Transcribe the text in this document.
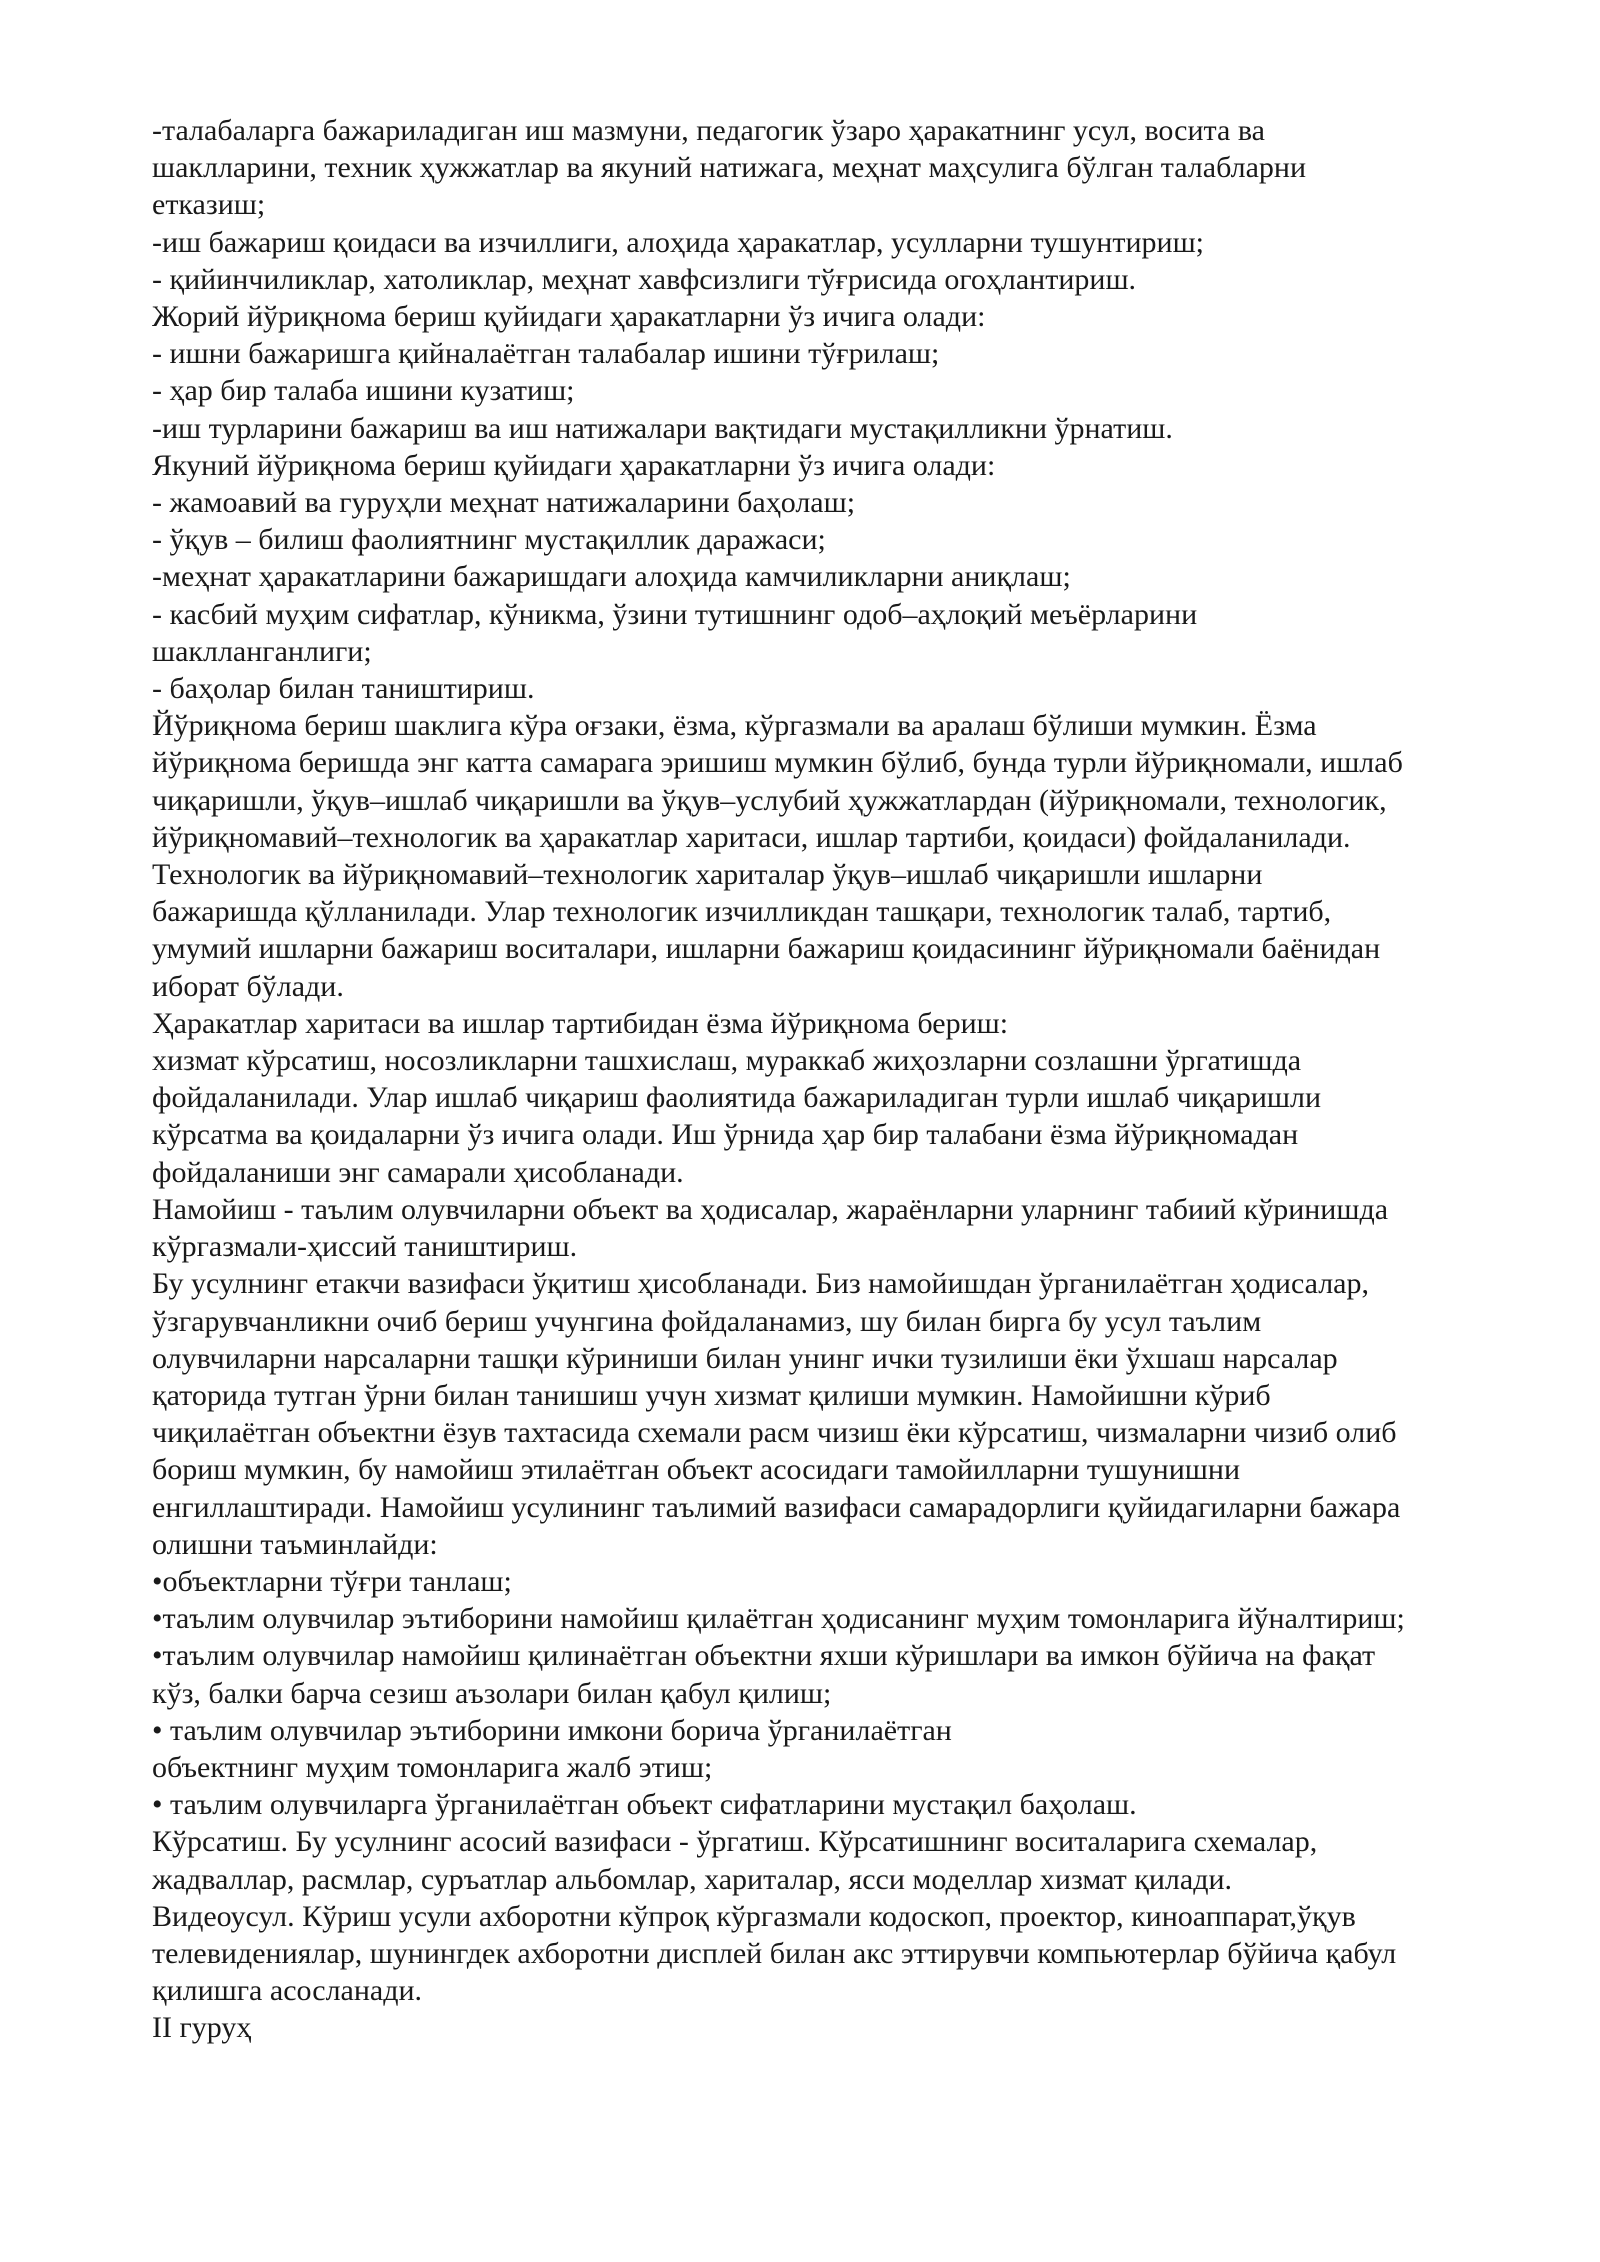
-талабаларга бажариладиган иш мазмуни, педагогик ўзаро ҳаракатнинг усул, восита ва
шаклларини, техник ҳужжатлар ва якуний натижага, меҳнат маҳсулига бўлган талабларни
етказиш;
-иш бажариш қоидаси ва изчиллиги, алоҳида ҳаракатлар, усулларни тушунтириш;
- қийинчиликлар, хатоликлар, меҳнат хавфсизлиги тўғрисида огоҳлантириш.
Жорий йўриқнома бериш қуйидаги ҳаракатларни ўз ичига олади:
- ишни бажаришга қийналаётган талабалар ишини тўғрилаш;
- ҳар бир талаба ишини кузатиш;
-иш турларини бажариш ва иш натижалари вақтидаги мустақилликни ўрнатиш.
Якуний йўриқнома бериш қуйидаги ҳаракатларни ўз ичига олади:
- жамоавий ва гуруҳли меҳнат натижаларини баҳолаш;
- ўқув – билиш фаолиятнинг мустақиллик даражаси;
-меҳнат ҳаракатларини бажаришдаги алоҳида камчиликларни аниқлаш;
- касбий муҳим сифатлар, кўникма, ўзини тутишнинг одоб–аҳлоқий меъёрларини
шаклланганлиги;
- баҳолар билан таништириш.
Йўриқнома бериш шаклига кўра оғзаки, ёзма, кўргазмали ва аралаш бўлиши мумкин. Ёзма
йўриқнома беришда энг катта самарага эришиш мумкин бўлиб, бунда турли йўриқномали, ишлаб
чиқаришли, ўқув–ишлаб чиқаришли ва ўқув–услубий ҳужжатлардан (йўриқномали, технологик,
йўриқномавий–технологик ва ҳаракатлар харитаси, ишлар тартиби, қоидаси) фойдаланилади.
Технологик ва йўриқномавий–технологик хариталар ўқув–ишлаб чиқаришли ишларни
бажаришда қўлланилади. Улар технологик изчилликдан ташқари, технологик талаб, тартиб,
умумий ишларни бажариш воситалари, ишларни бажариш қоидасининг йўриқномали баёнидан
иборат бўлади.
Ҳаракатлар харитаси ва ишлар тартибидан ёзма йўриқнома бериш:
хизмат кўрсатиш, носозликларни ташхислаш, мураккаб жиҳозларни созлашни ўргатишда
фойдаланилади. Улар ишлаб чиқариш фаолиятида бажариладиган турли ишлаб чиқаришли
кўрсатма ва қоидаларни ўз ичига олади. Иш ўрнида ҳар бир талабани ёзма йўриқномадан
фойдаланиши энг самарали ҳисобланади.
Намойиш - таълим олувчиларни объект ва ҳодисалар, жараёнларни уларнинг табиий кўринишда
кўргазмали-ҳиссий таништириш.
Бу усулнинг етакчи вазифаси ўқитиш ҳисобланади. Биз намойишдан ўрганилаётган ҳодисалар,
ўзгарувчанликни очиб бериш учунгина фойдаланамиз, шу билан бирга бу усул таълим
олувчиларни нарсаларни ташқи кўриниши билан унинг ички тузилиши ёки ўхшаш нарсалар
қаторида тутган ўрни билан танишиш учун хизмат қилиши мумкин. Намойишни кўриб
чиқилаётган объектни ёзув тахтасида схемали расм чизиш ёки кўрсатиш, чизмаларни чизиб олиб
бориш мумкин, бу намойиш этилаётган объект асосидаги тамойилларни тушунишни
енгиллаштиради. Намойиш усулининг таълимий вазифаси самарадорлиги қуйидагиларни бажара
олишни таъминлайди:
•объектларни тўғри танлаш;
•таълим олувчилар эътиборини намойиш қилаётган ҳодисанинг муҳим томонларига йўналтириш;
•таълим олувчилар намойиш қилинаётган объектни яхши кўришлари ва имкон бўйича на фақат
кўз, балки барча сезиш аъзолари билан қабул қилиш;
• таълим олувчилар эътиборини имкони борича ўрганилаётган
объектнинг муҳим томонларига жалб этиш;
• таълим олувчиларга ўрганилаётган объект сифатларини мустақил баҳолаш.
Кўрсатиш. Бу усулнинг асосий вазифаси - ўргатиш. Кўрсатишнинг воситаларига схемалар,
жадваллар, расмлар, суръатлар альбомлар, хариталар, ясси моделлар хизмат қилади.
Видеоусул. Кўриш усули ахборотни кўпроқ кўргазмали кодоскоп, проектор, киноаппарат,ўқув
телевидениялар, шунингдек ахборотни дисплей билан акс эттирувчи компьютерлар бўйича қабул
қилишга асосланади.
II гуруҳ
